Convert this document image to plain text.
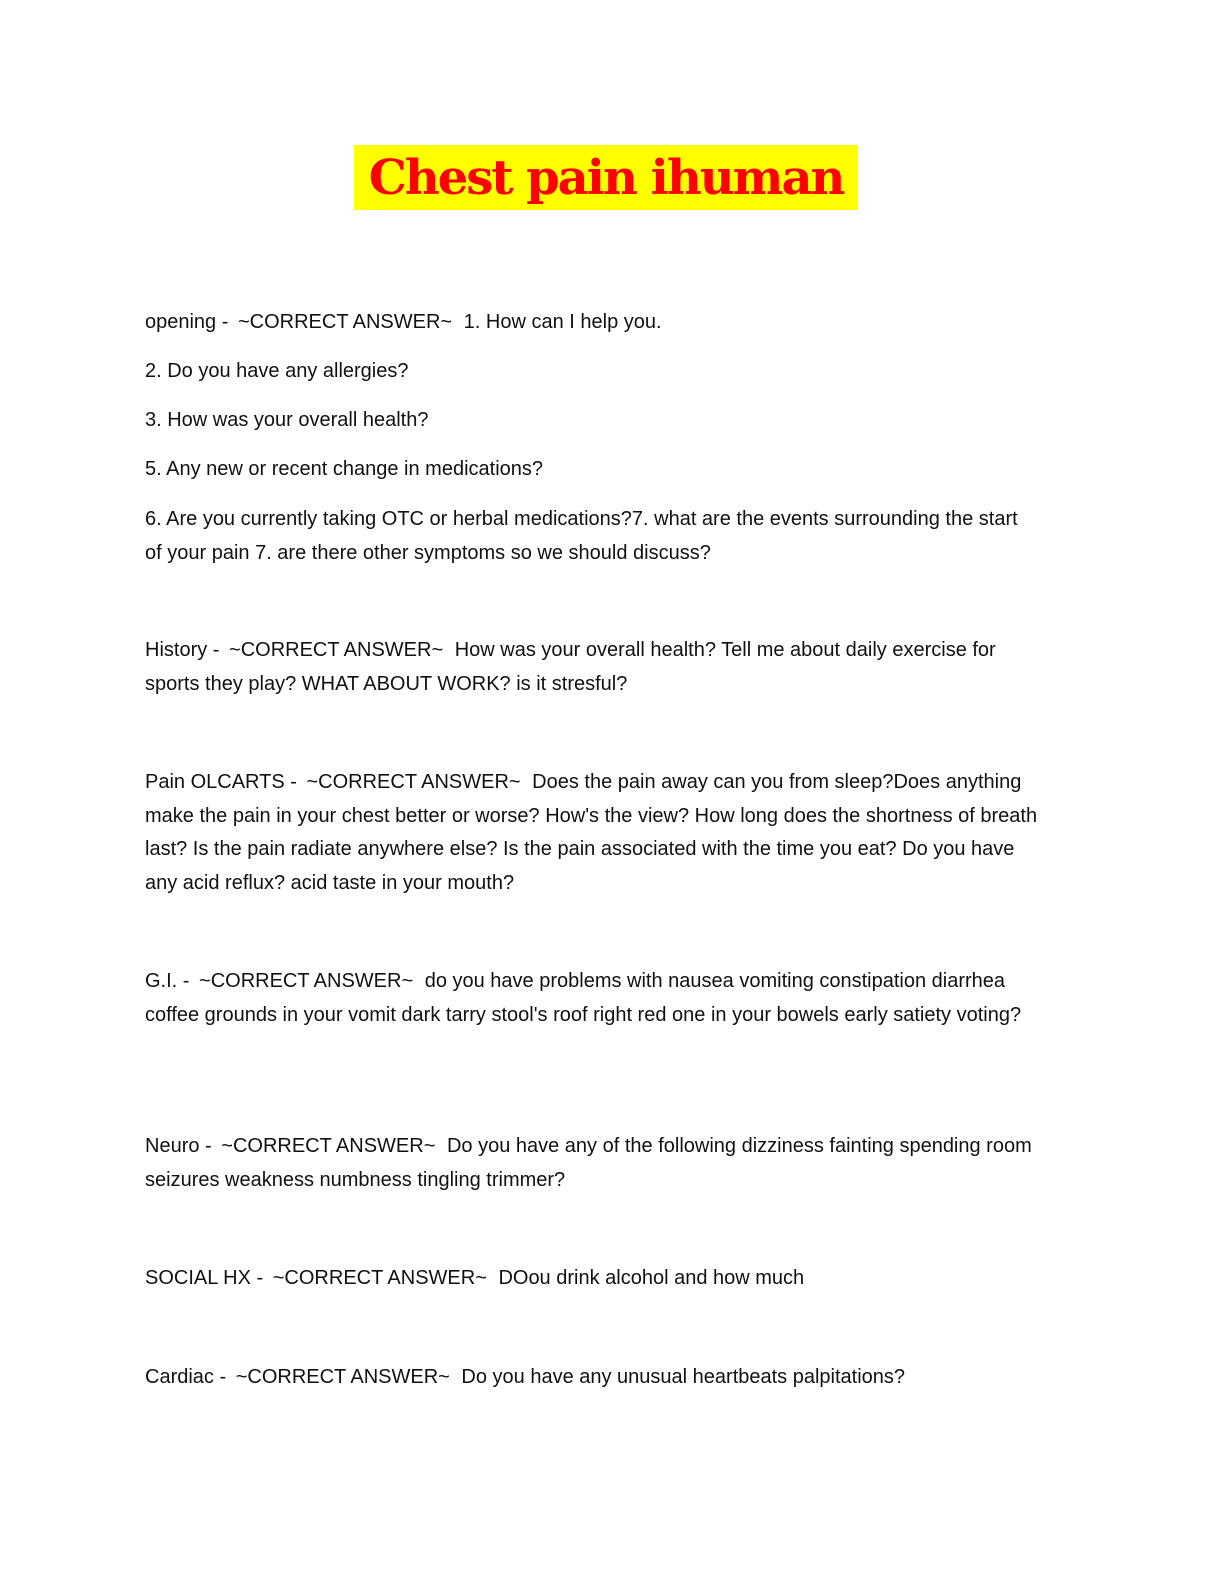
Chest pain ihuman

opening - ~CORRECT ANSWER~ 1. How can I help you.

2. Do you have any allergies?

3. How was your overall health?

5. Any new or recent change in medications?

6. Are you currently taking OTC or herbal medications?7. what are the events surrounding the start of your pain 7. are there other symptoms so we should discuss?

History - ~CORRECT ANSWER~ How was your overall health? Tell me about daily exercise for sports they play? WHAT ABOUT WORK? is it stresful?

Pain OLCARTS - ~CORRECT ANSWER~ Does the pain away can you from sleep?Does anything make the pain in your chest better or worse? How's the view? How long does the shortness of breath last? Is the pain radiate anywhere else? Is the pain associated with the time you eat? Do you have any acid reflux? acid taste in your mouth?

G.I. - ~CORRECT ANSWER~ do you have problems with nausea vomiting constipation diarrhea coffee grounds in your vomit dark tarry stool's roof right red one in your bowels early satiety voting?

Neuro - ~CORRECT ANSWER~ Do you have any of the following dizziness fainting spending room seizures weakness numbness tingling trimmer?

SOCIAL HX - ~CORRECT ANSWER~ DOou drink alcohol and how much

Cardiac - ~CORRECT ANSWER~ Do you have any unusual heartbeats palpitations?
